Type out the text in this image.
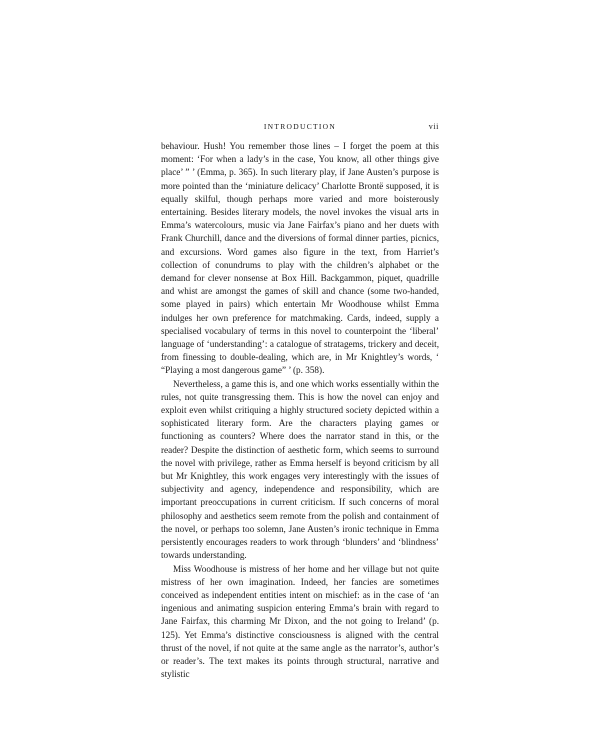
INTRODUCTION	vii

behaviour. Hush! You remember those lines – I forget the poem at this moment: ‘For when a lady’s in the case, You know, all other things give place’ ” ’ (Emma, p. 365). In such literary play, if Jane Austen’s purpose is more pointed than the ‘miniature delicacy’ Charlotte Brontë supposed, it is equally skilful, though perhaps more varied and more boisterously entertaining. Besides literary models, the novel invokes the visual arts in Emma’s watercolours, music via Jane Fairfax’s piano and her duets with Frank Churchill, dance and the diversions of formal dinner parties, picnics, and excursions. Word games also figure in the text, from Harriet’s collection of conundrums to play with the children’s alphabet or the demand for clever nonsense at Box Hill. Backgammon, piquet, quadrille and whist are amongst the games of skill and chance (some two-handed, some played in pairs) which entertain Mr Woodhouse whilst Emma indulges her own preference for matchmaking. Cards, indeed, supply a specialised vocabulary of terms in this novel to counterpoint the ‘liberal’ language of ‘understanding’: a catalogue of stratagems, trickery and deceit, from finessing to double-dealing, which are, in Mr Knightley’s words, ‘ “Playing a most dangerous game” ’ (p. 358).

Nevertheless, a game this is, and one which works essentially within the rules, not quite transgressing them. This is how the novel can enjoy and exploit even whilst critiquing a highly structured society depicted within a sophisticated literary form. Are the characters playing games or functioning as counters? Where does the narrator stand in this, or the reader? Despite the distinction of aesthetic form, which seems to surround the novel with privilege, rather as Emma herself is beyond criticism by all but Mr Knightley, this work engages very interestingly with the issues of subjectivity and agency, independence and responsibility, which are important preoccupations in current criticism. If such concerns of moral philosophy and aesthetics seem remote from the polish and containment of the novel, or perhaps too solemn, Jane Austen’s ironic technique in Emma persistently encourages readers to work through ‘blunders’ and ‘blindness’ towards understanding.

Miss Woodhouse is mistress of her home and her village but not quite mistress of her own imagination. Indeed, her fancies are sometimes conceived as independent entities intent on mischief: as in the case of ‘an ingenious and animating suspicion entering Emma’s brain with regard to Jane Fairfax, this charming Mr Dixon, and the not going to Ireland’ (p. 125). Yet Emma’s distinctive consciousness is aligned with the central thrust of the novel, if not quite at the same angle as the narrator’s, author’s or reader’s. The text makes its points through structural, narrative and stylistic
